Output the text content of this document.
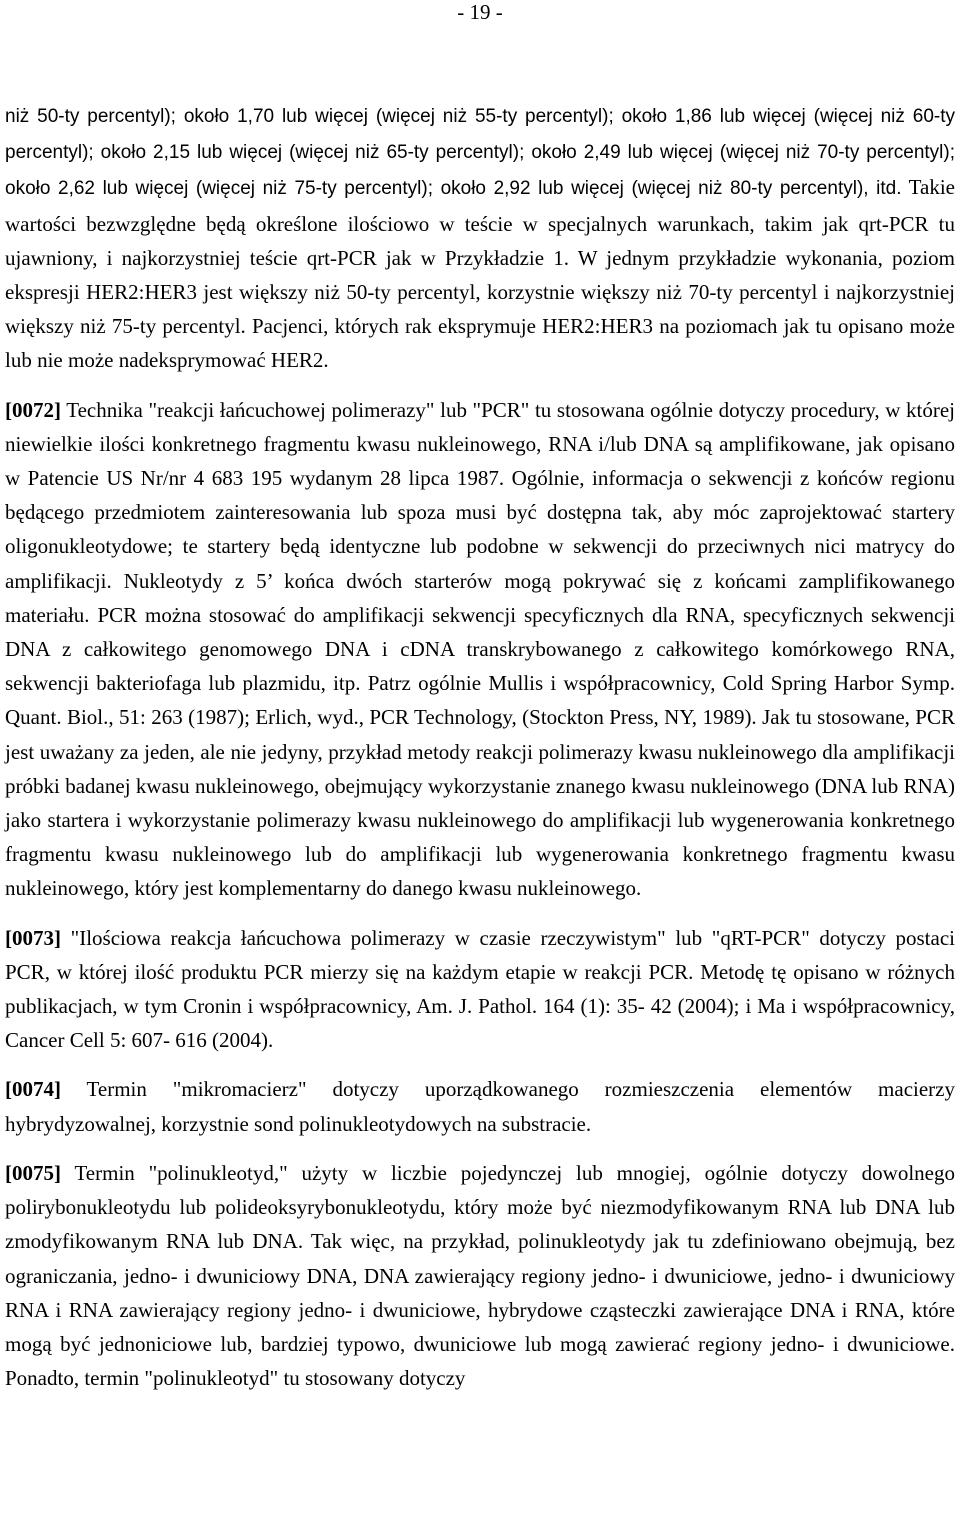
- 19 -

niż 50-ty percentyl); około 1,70 lub więcej (więcej niż 55-ty percentyl); około 1,86 lub więcej (więcej niż 60-ty percentyl); około 2,15 lub więcej (więcej niż 65-ty percentyl); około 2,49 lub więcej (więcej niż 70-ty percentyl); około 2,62 lub więcej (więcej niż 75-ty percentyl); około 2,92 lub więcej (więcej niż 80-ty percentyl), itd. Takie wartości bezwzględne będą określone ilościowo w teście w specjalnych warunkach, takim jak qrt-PCR tu ujawniony, i najkorzystniej teście qrt-PCR jak w Przykładzie 1. W jednym przykładzie wykonania, poziom ekspresji HER2:HER3 jest większy niż 50-ty percentyl, korzystnie większy niż 70-ty percentyl i najkorzystniej większy niż 75-ty percentyl. Pacjenci, których rak eksprymuje HER2:HER3 na poziomach jak tu opisano może lub nie może nadeksprymować HER2.

[0072] Technika "reakcji łańcuchowej polimerazy" lub "PCR" tu stosowana ogólnie dotyczy procedury, w której niewielkie ilości konkretnego fragmentu kwasu nukleinowego, RNA i/lub DNA są amplifikowane, jak opisano w Patencie US Nr/nr 4 683 195 wydanym 28 lipca 1987. Ogólnie, informacja o sekwencji z końców regionu będącego przedmiotem zainteresowania lub spoza musi być dostępna tak, aby móc zaprojektować startery oligonukleotydowe; te startery będą identyczne lub podobne w sekwencji do przeciwnych nici matrycy do amplifikacji. Nukleotydy z 5’ końca dwóch starterów mogą pokrywać się z końcami zamplifikowanego materiału. PCR można stosować do amplifikacji sekwencji specyficznych dla RNA, specyficznych sekwencji DNA z całkowitego genomowego DNA i cDNA transkrybowanego z całkowitego komórkowego RNA, sekwencji bakteriofaga lub plazmidu, itp. Patrz ogólnie Mullis i współpracownicy, Cold Spring Harbor Symp. Quant. Biol., 51: 263 (1987); Erlich, wyd., PCR Technology, (Stockton Press, NY, 1989). Jak tu stosowane, PCR jest uważany za jeden, ale nie jedyny, przykład metody reakcji polimerazy kwasu nukleinowego dla amplifikacji próbki badanej kwasu nukleinowego, obejmujący wykorzystanie znanego kwasu nukleinowego (DNA lub RNA) jako startera i wykorzystanie polimerazy kwasu nukleinowego do amplifikacji lub wygenerowania konkretnego fragmentu kwasu nukleinowego lub do amplifikacji lub wygenerowania konkretnego fragmentu kwasu nukleinowego, który jest komplementarny do danego kwasu nukleinowego.

[0073] "Ilościowa reakcja łańcuchowa polimerazy w czasie rzeczywistym" lub "qRT-PCR" dotyczy postaci PCR, w której ilość produktu PCR mierzy się na każdym etapie w reakcji PCR. Metodę tę opisano w różnych publikacjach, w tym Cronin i współpracownicy, Am. J. Pathol. 164 (1): 35- 42 (2004); i Ma i współpracownicy, Cancer Cell 5: 607- 616 (2004).

[0074] Termin "mikromacierz" dotyczy uporządkowanego rozmieszczenia elementów macierzy hybrydyzowalnej, korzystnie sond polinukleotydowych na substracie.

[0075] Termin "polinukleotyd," użyty w liczbie pojedynczej lub mnogiej, ogólnie dotyczy dowolnego polirybonukleotydu lub polideoksyrybonukleotydu, który może być niezmodyfikowanym RNA lub DNA lub zmodyfikowanym RNA lub DNA. Tak więc, na przykład, polinukleotydy jak tu zdefiniowano obejmują, bez ograniczania, jedno- i dwuniciowy DNA, DNA zawierający regiony jedno- i dwuniciowe, jedno- i dwuniciowy RNA i RNA zawierający regiony jedno- i dwuniciowe, hybrydowe cząsteczki zawierające DNA i RNA, które mogą być jednoniciowe lub, bardziej typowo, dwuniciowe lub mogą zawierać regiony jedno- i dwuniciowe. Ponadto, termin "polinukleotyd" tu stosowany dotyczy
